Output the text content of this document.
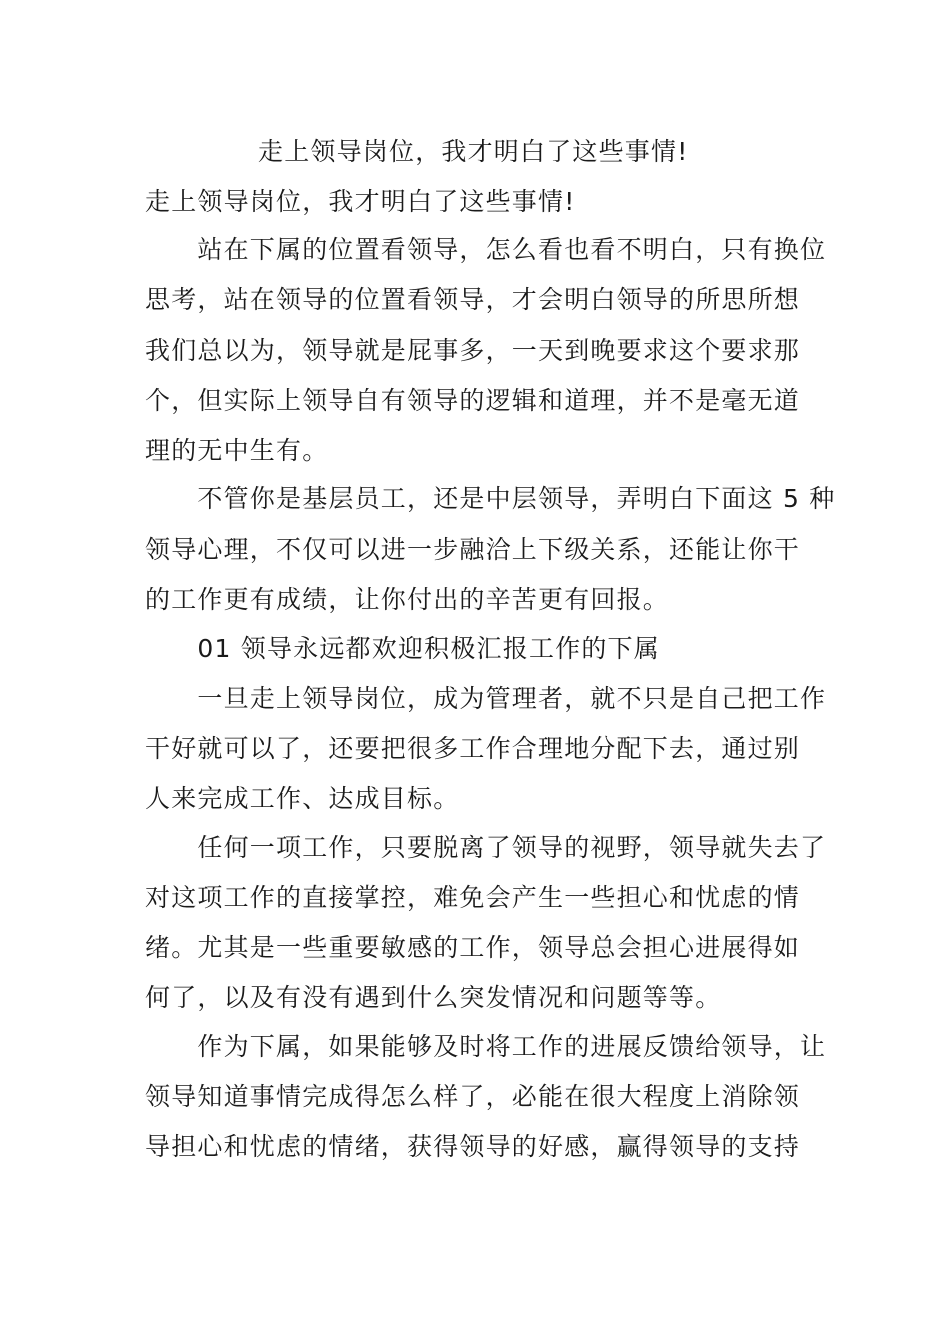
走上领导岗位，我才明白了这些事情!
走上领导岗位，我才明白了这些事情!
　　站在下属的位置看领导，怎么看也看不明白，只有换位
思考，站在领导的位置看领导，才会明白领导的所思所想
我们总以为，领导就是屁事多，一天到晚要求这个要求那
个，但实际上领导自有领导的逻辑和道理，并不是毫无道
理的无中生有。
　　不管你是基层员工，还是中层领导，弄明白下面这 5 种
领导心理，不仅可以进一步融洽上下级关系，还能让你干
的工作更有成绩，让你付出的辛苦更有回报。
　　01 领导永远都欢迎积极汇报工作的下属
　　一旦走上领导岗位，成为管理者，就不只是自己把工作
干好就可以了，还要把很多工作合理地分配下去，通过别
人来完成工作、达成目标。
　　任何一项工作，只要脱离了领导的视野，领导就失去了
对这项工作的直接掌控，难免会产生一些担心和忧虑的情
绪。尤其是一些重要敏感的工作，领导总会担心进展得如
何了，以及有没有遇到什么突发情况和问题等等。
　　作为下属，如果能够及时将工作的进展反馈给领导，让
领导知道事情完成得怎么样了，必能在很大程度上消除领
导担心和忧虑的情绪，获得领导的好感，赢得领导的支持
